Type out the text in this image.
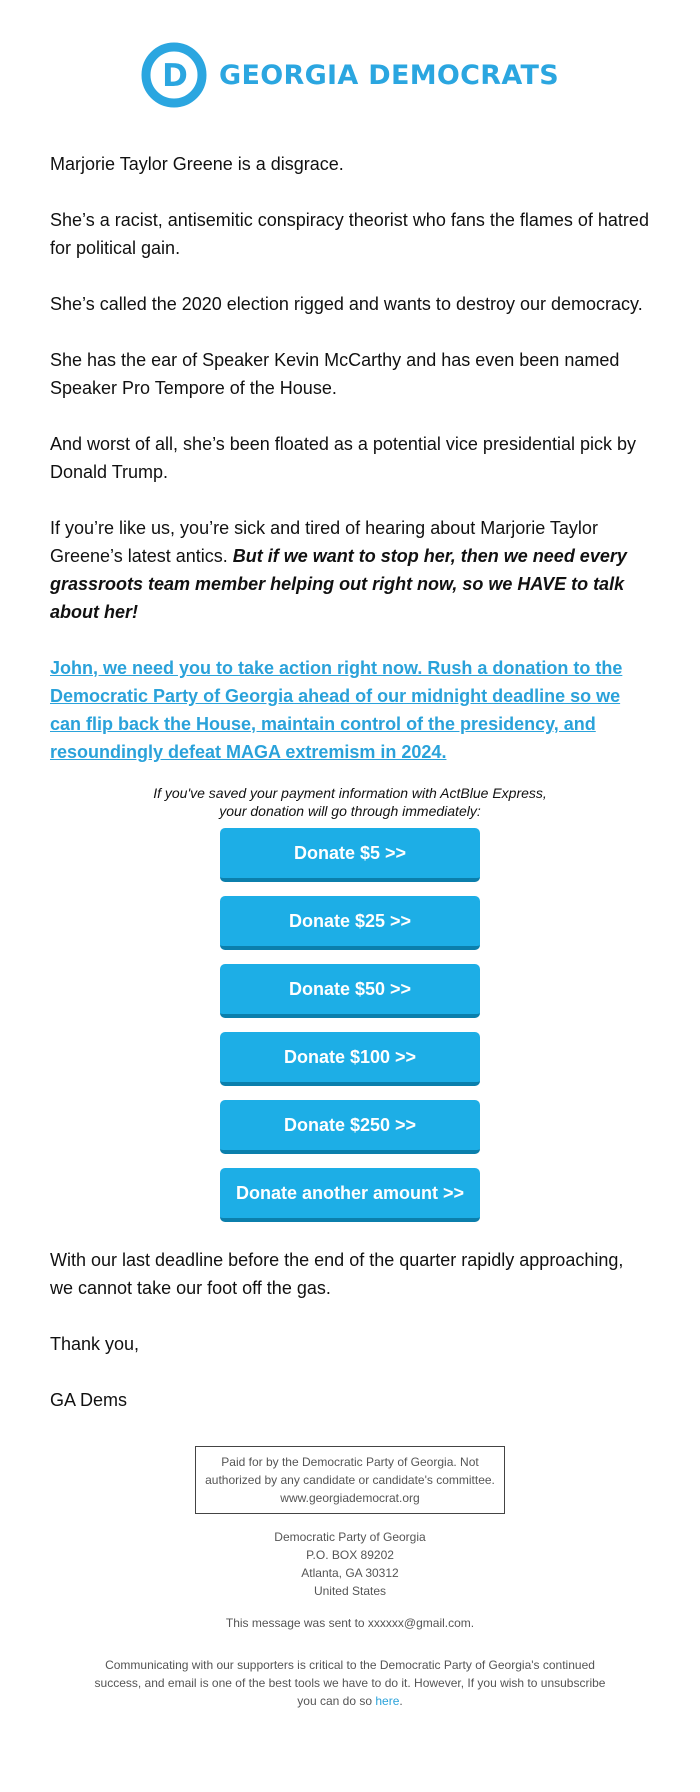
D GEORGIA DEMOCRATS

Marjorie Taylor Greene is a disgrace.

She’s a racist, antisemitic conspiracy theorist who fans the flames of hatred for political gain.

She’s called the 2020 election rigged and wants to destroy our democracy.

She has the ear of Speaker Kevin McCarthy and has even been named Speaker Pro Tempore of the House.

And worst of all, she’s been floated as a potential vice presidential pick by Donald Trump.

If you’re like us, you’re sick and tired of hearing about Marjorie Taylor Greene’s latest antics. But if we want to stop her, then we need every grassroots team member helping out right now, so we HAVE to talk about her!

John, we need you to take action right now. Rush a donation to the Democratic Party of Georgia ahead of our midnight deadline so we can flip back the House, maintain control of the presidency, and resoundingly defeat MAGA extremism in 2024.

If you've saved your payment information with ActBlue Express,
your donation will go through immediately:
Donate $5 >>
Donate $25 >>
Donate $50 >>
Donate $100 >>
Donate $250 >>
Donate another amount >>

With our last deadline before the end of the quarter rapidly approaching, we cannot take our foot off the gas.

Thank you,

GA Dems

Paid for by the Democratic Party of Georgia. Not
authorized by any candidate or candidate's committee.
www.georgiademocrat.org
Democratic Party of Georgia
P.O. BOX 89202
Atlanta, GA 30312
United States
This message was sent to xxxxxx@gmail.com.
Communicating with our supporters is critical to the Democratic Party of Georgia's continued success, and email is one of the best tools we have to do it. However, If you wish to unsubscribe you can do so here.
